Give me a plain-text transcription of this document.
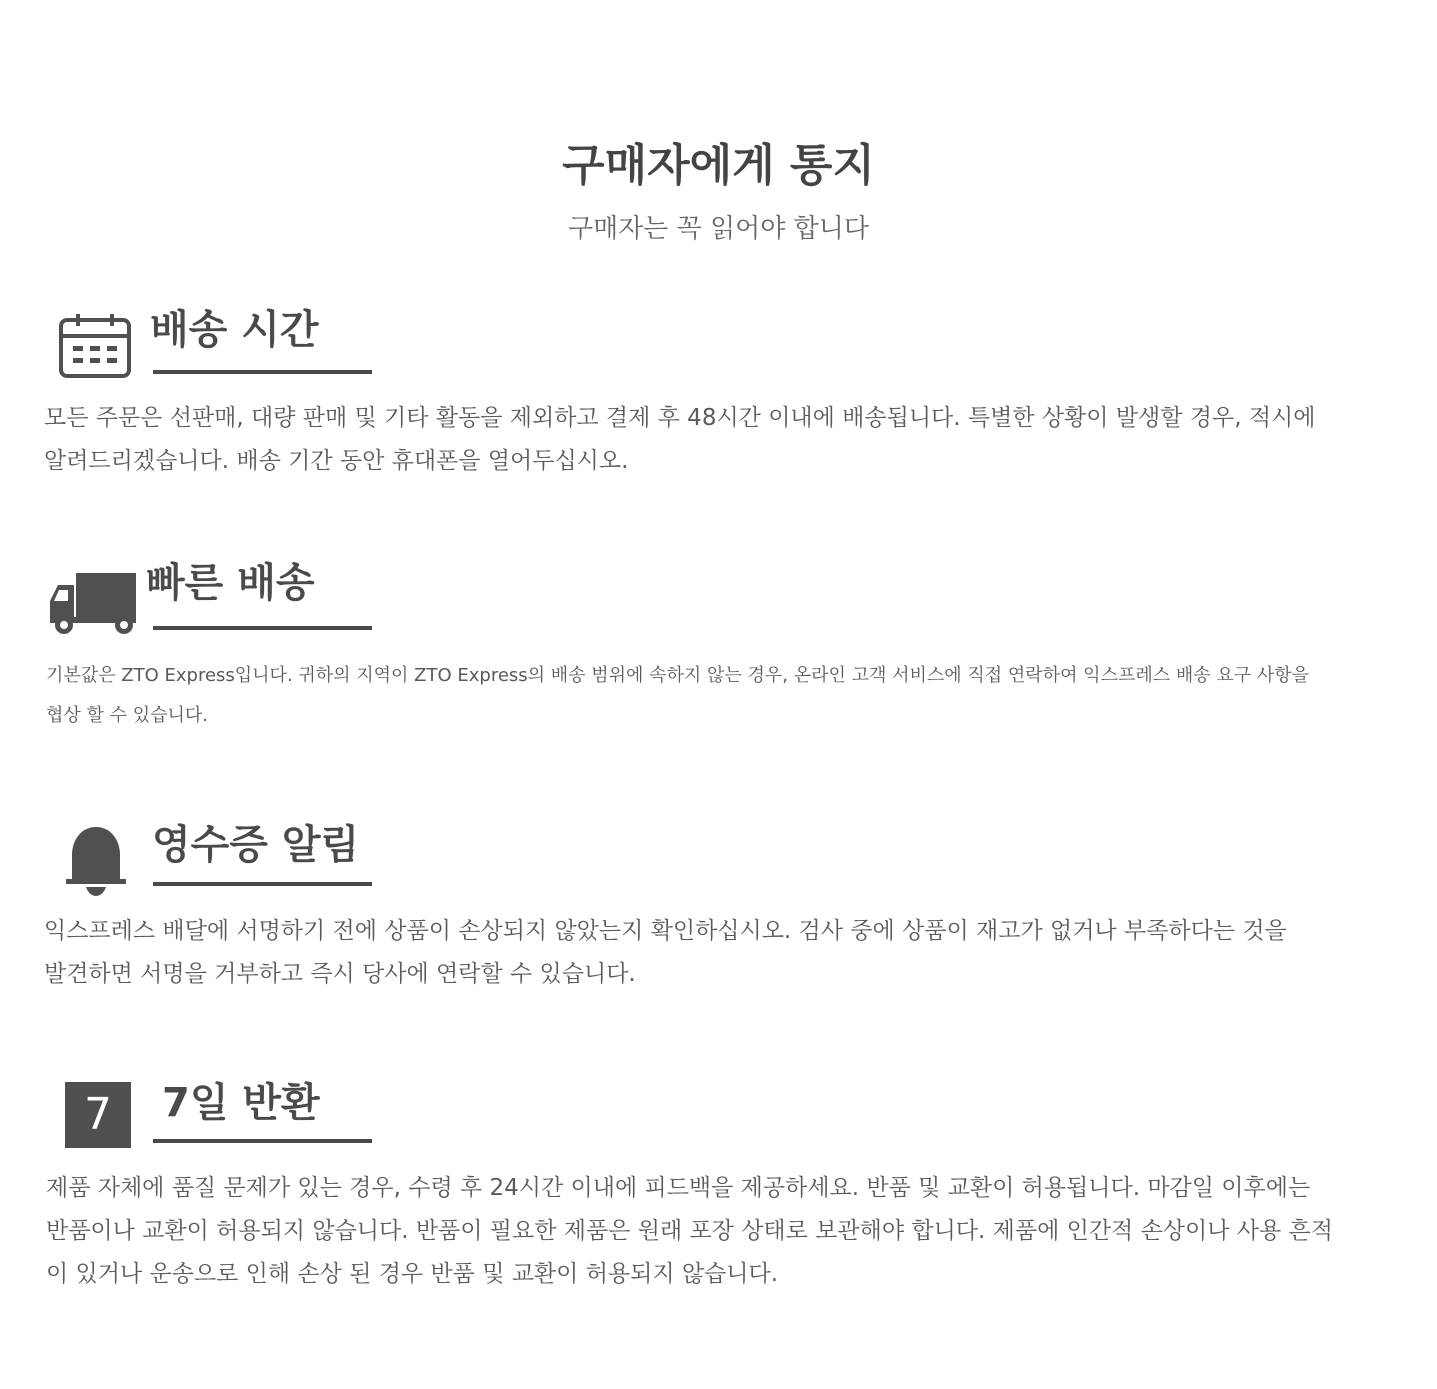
구매자에게 통지
구매자는 꼭 읽어야 합니다
배송 시간
모든 주문은 선판매, 대량 판매 및 기타 활동을 제외하고 결제 후 48시간 이내에 배송됩니다. 특별한 상황이 발생할 경우, 적시에 알려드리겠습니다. 배송 기간 동안 휴대폰을 열어두십시오.
빠른 배송
기본값은 ZTO Express입니다. 귀하의 지역이 ZTO Express의 배송 범위에 속하지 않는 경우, 온라인 고객 서비스에 직접 연락하여 익스프레스 배송 요구 사항을 협상 할 수 있습니다.
영수증 알림
익스프레스 배달에 서명하기 전에 상품이 손상되지 않았는지 확인하십시오. 검사 중에 상품이 재고가 없거나 부족하다는 것을 발견하면 서명을 거부하고 즉시 당사에 연락할 수 있습니다.
7	7일 반환
제품 자체에 품질 문제가 있는 경우, 수령 후 24시간 이내에 피드백을 제공하세요. 반품 및 교환이 허용됩니다. 마감일 이후에는 반품이나 교환이 허용되지 않습니다. 반품이 필요한 제품은 원래 포장 상태로 보관해야 합니다. 제품에 인간적 손상이나 사용 흔적이 있거나 운송으로 인해 손상 된 경우 반품 및 교환이 허용되지 않습니다.
